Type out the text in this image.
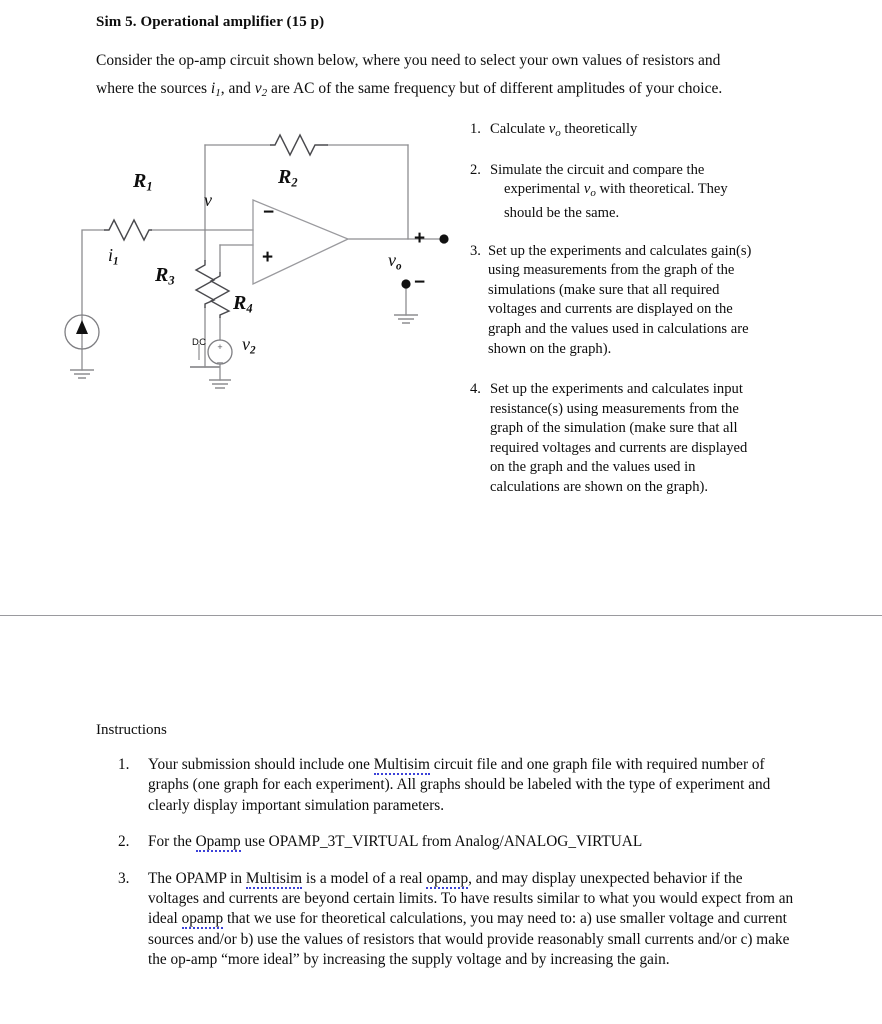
Sim 5. Operational amplifier (15 p)
Consider the op-amp circuit shown below, where you need to select your own values of resistors and
where the sources $i_1$, and $v_2$ are AC of the same frequency but of different amplitudes of your choice.
+
_
R1	R2
R3
R4
v
i1
v2
vo
DC
−
+
+
−
1. Calculate $v_o$ theoretically
2. Simulate the circuit and compare the
experimental $v_o$ with theoretical. They
should be the same.
3. Set up the experiments and calculates gain(s)
using measurements from the graph of the
simulations (make sure that all required
voltages and currents are displayed on the
graph and the values used in calculations are
shown on the graph).
4. Set up the experiments and calculates input
resistance(s) using measurements from the
graph of the simulation (make sure that all
required voltages and currents are displayed
on the graph and the values used in
calculations are shown on the graph).
Instructions
1. Your submission should include one Multisim circuit file and one graph file with required number of graphs (one graph for each experiment). All graphs should be labeled with the type of experiment and clearly display important simulation parameters.
2. For the Opamp use OPAMP_3T_VIRTUAL from Analog/ANALOG_VIRTUAL
3. The OPAMP in Multisim is a model of a real opamp, and may display unexpected behavior if the voltages and currents are beyond certain limits. To have results similar to what you would expect from an ideal opamp that we use for theoretical calculations, you may need to: a) use smaller voltage and current sources and/or b) use the values of resistors that would provide reasonably small currents and/or c) make the op-amp “more ideal” by increasing the supply voltage and by increasing the gain.
